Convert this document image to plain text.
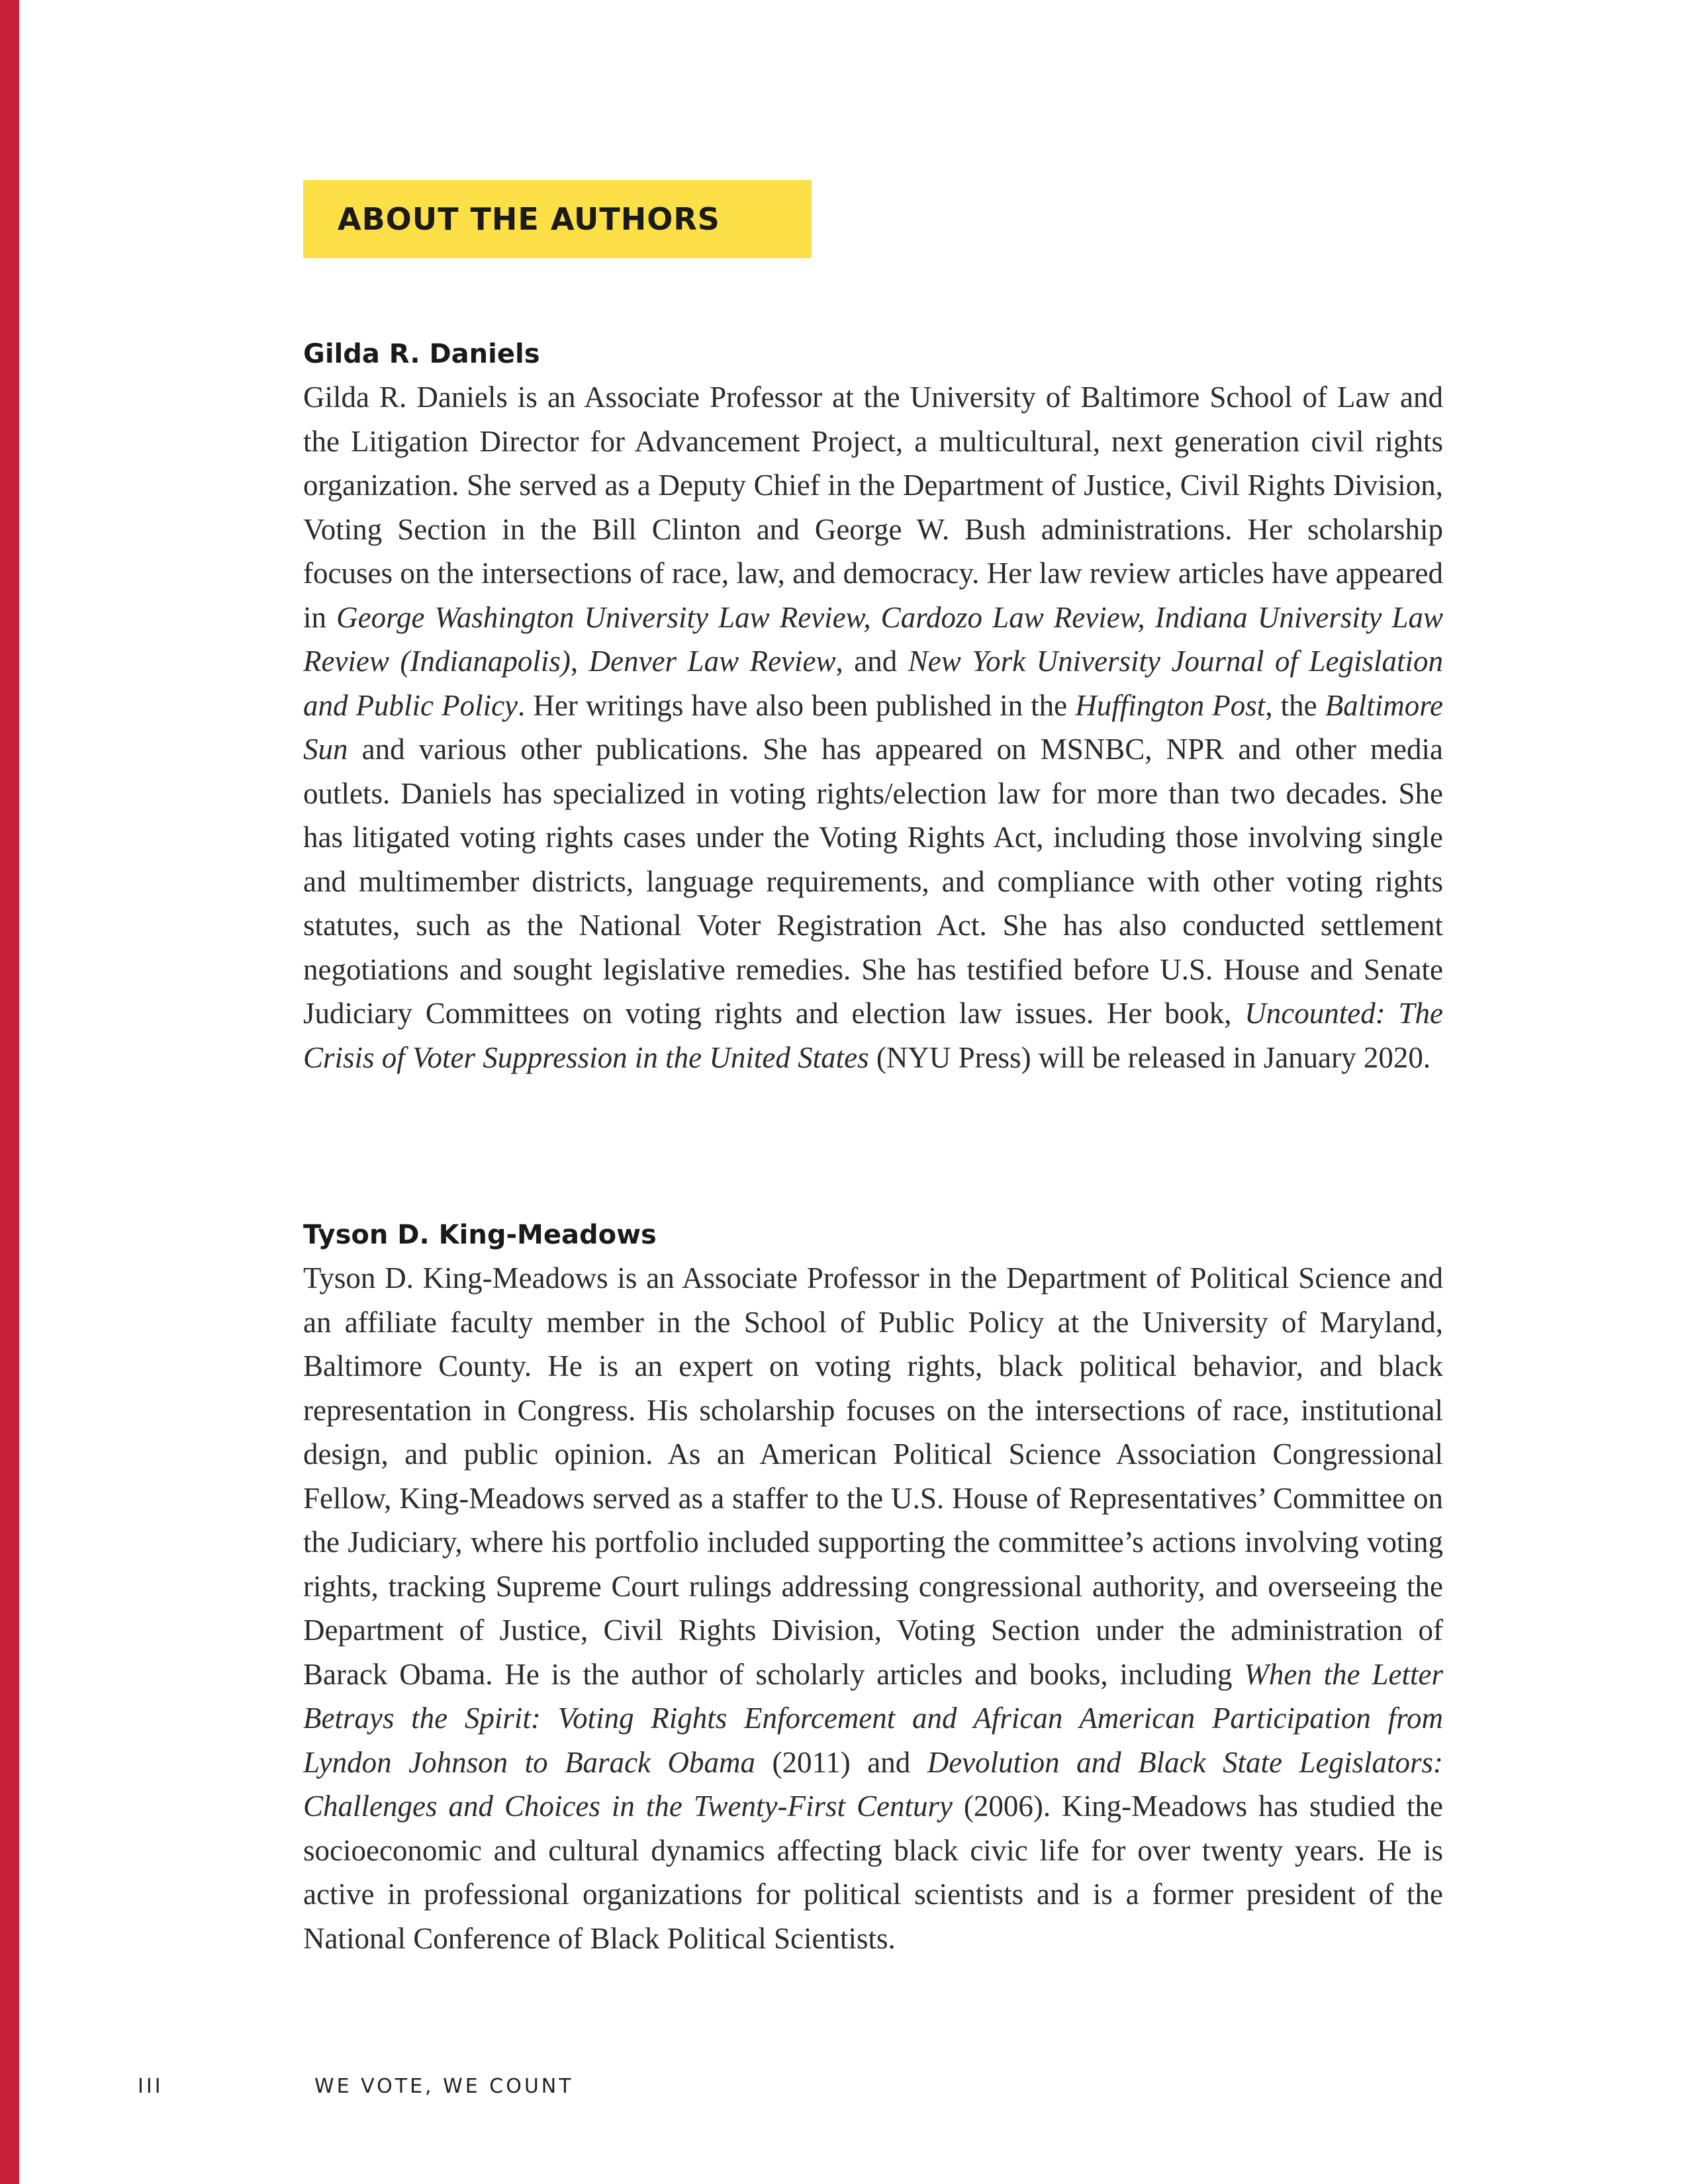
ABOUT THE AUTHORS
Gilda R. Daniels

Gilda R. Daniels is an Associate Professor at the University of Baltimore School of Law and the Litigation Director for Advancement Project, a multicultural, next generation civil rights organization. She served as a Deputy Chief in the Department of Justice, Civil Rights Division, Voting Section in the Bill Clinton and George W. Bush administrations. Her scholarship focuses on the intersections of race, law, and democracy. Her law review articles have appeared in George Washington University Law Review, Cardozo Law Review, Indiana University Law Review (Indianapolis), Denver Law Review, and New York University Journal of Legislation and Public Policy. Her writings have also been published in the Huffington Post, the Baltimore Sun and various other publications. She has appeared on MSNBC, NPR and other media outlets. Daniels has specialized in voting rights/election law for more than two decades. She has litigated voting rights cases under the Voting Rights Act, including those involving single and multimember districts, language requirements, and compliance with other voting rights statutes, such as the National Voter Registration Act. She has also conducted settlement negotiations and sought legislative remedies. She has testified before U.S. House and Senate Judiciary Committees on voting rights and election law issues. Her book, Uncounted: The Crisis of Voter Suppression in the United States (NYU Press) will be released in January 2020.

Tyson D. King-Meadows

Tyson D. King-Meadows is an Associate Professor in the Department of Political Science and an affiliate faculty member in the School of Public Policy at the University of Maryland, Baltimore County. He is an expert on voting rights, black political behavior, and black representation in Congress. His scholarship focuses on the intersections of race, institutional design, and public opinion. As an American Political Science Association Congressional Fellow, King-Meadows served as a staffer to the U.S. House of Representatives’ Committee on the Judiciary, where his portfolio included supporting the committee’s actions involving voting rights, tracking Supreme Court rulings addressing congressional authority, and overseeing the Department of Justice, Civil Rights Division, Voting Section under the administration of Barack Obama. He is the author of scholarly articles and books, including When the Letter Betrays the Spirit: Voting Rights Enforcement and African American Participation from Lyndon Johnson to Barack Obama (2011) and Devolution and Black State Legislators: Challenges and Choices in the Twenty-First Century (2006). King-Meadows has studied the socioeconomic and cultural dynamics affecting black civic life for over twenty years. He is active in professional organizations for political scientists and is a former president of the National Conference of Black Political Scientists.

III	WE VOTE, WE COUNT
